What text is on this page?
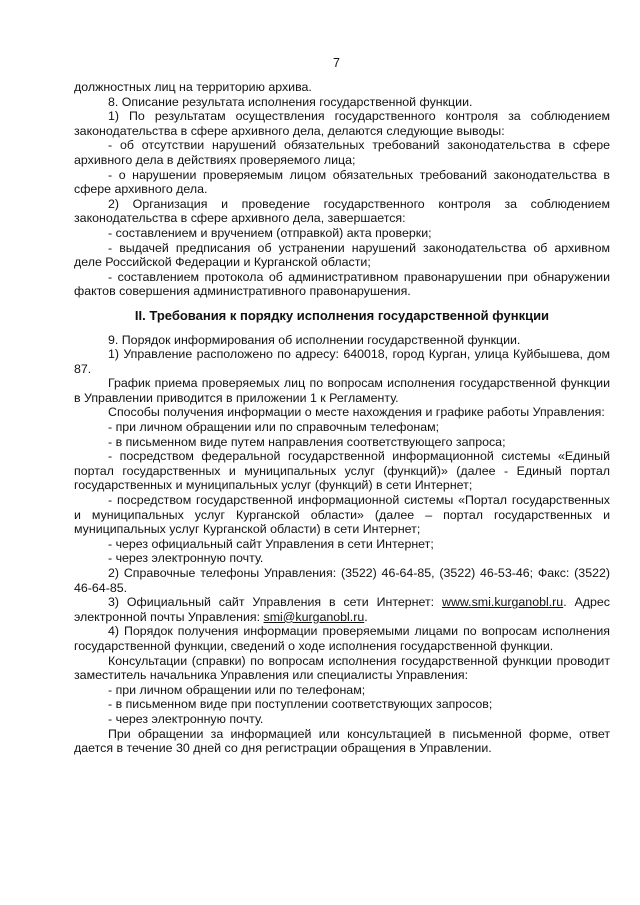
7

должностных лиц на территорию архива.

8. Описание результата исполнения государственной функции.

1) По результатам осуществления государственного контроля за соблюдением законодательства в сфере архивного дела, делаются следующие выводы:

- об отсутствии нарушений обязательных требований законодательства в сфере архивного дела в действиях проверяемого лица;

- о нарушении проверяемым лицом обязательных требований законодательства в сфере архивного дела.

2) Организация и проведение государственного контроля за соблюдением законодательства в сфере архивного дела, завершается:

- составлением и вручением (отправкой) акта проверки;

- выдачей предписания об устранении нарушений законодательства об архивном деле Российской Федерации и Курганской области;

- составлением протокола об административном правонарушении при обнаружении фактов совершения административного правонарушения.

II. Требования к порядку исполнения государственной функции

9. Порядок информирования об исполнении государственной функции.

1) Управление расположено по адресу: 640018, город Курган, улица Куйбышева, дом 87.

График приема проверяемых лиц по вопросам исполнения государственной функции в Управлении приводится в приложении 1 к Регламенту.

Способы получения информации о месте нахождения и графике работы Управления:

- при личном обращении или по справочным телефонам;

- в письменном виде путем направления соответствующего запроса;

- посредством федеральной государственной информационной системы «Единый портал государственных и муниципальных услуг (функций)» (далее - Единый портал государственных и муниципальных услуг (функций) в сети Интернет;

- посредством государственной информационной системы «Портал государственных и муниципальных услуг Курганской области» (далее – портал государственных и муниципальных услуг Курганской области) в сети Интернет;

- через официальный сайт Управления в сети Интернет;

- через электронную почту.

2) Справочные телефоны Управления: (3522) 46-64-85, (3522) 46-53-46; Факс: (3522) 46-64-85.

3) Официальный сайт Управления в сети Интернет: www.smi.kurganobl.ru. Адрес электронной почты Управления: smi@kurganobl.ru.

4) Порядок получения информации проверяемыми лицами по вопросам исполнения государственной функции, сведений о ходе исполнения государственной функции.

Консультации (справки) по вопросам исполнения государственной функции проводит заместитель начальника Управления или специалисты Управления:

- при личном обращении или по телефонам;

- в письменном виде при поступлении соответствующих запросов;

- через электронную почту.

При обращении за информацией или консультацией в письменной форме, ответ дается в течение 30 дней со дня регистрации обращения в Управлении.
